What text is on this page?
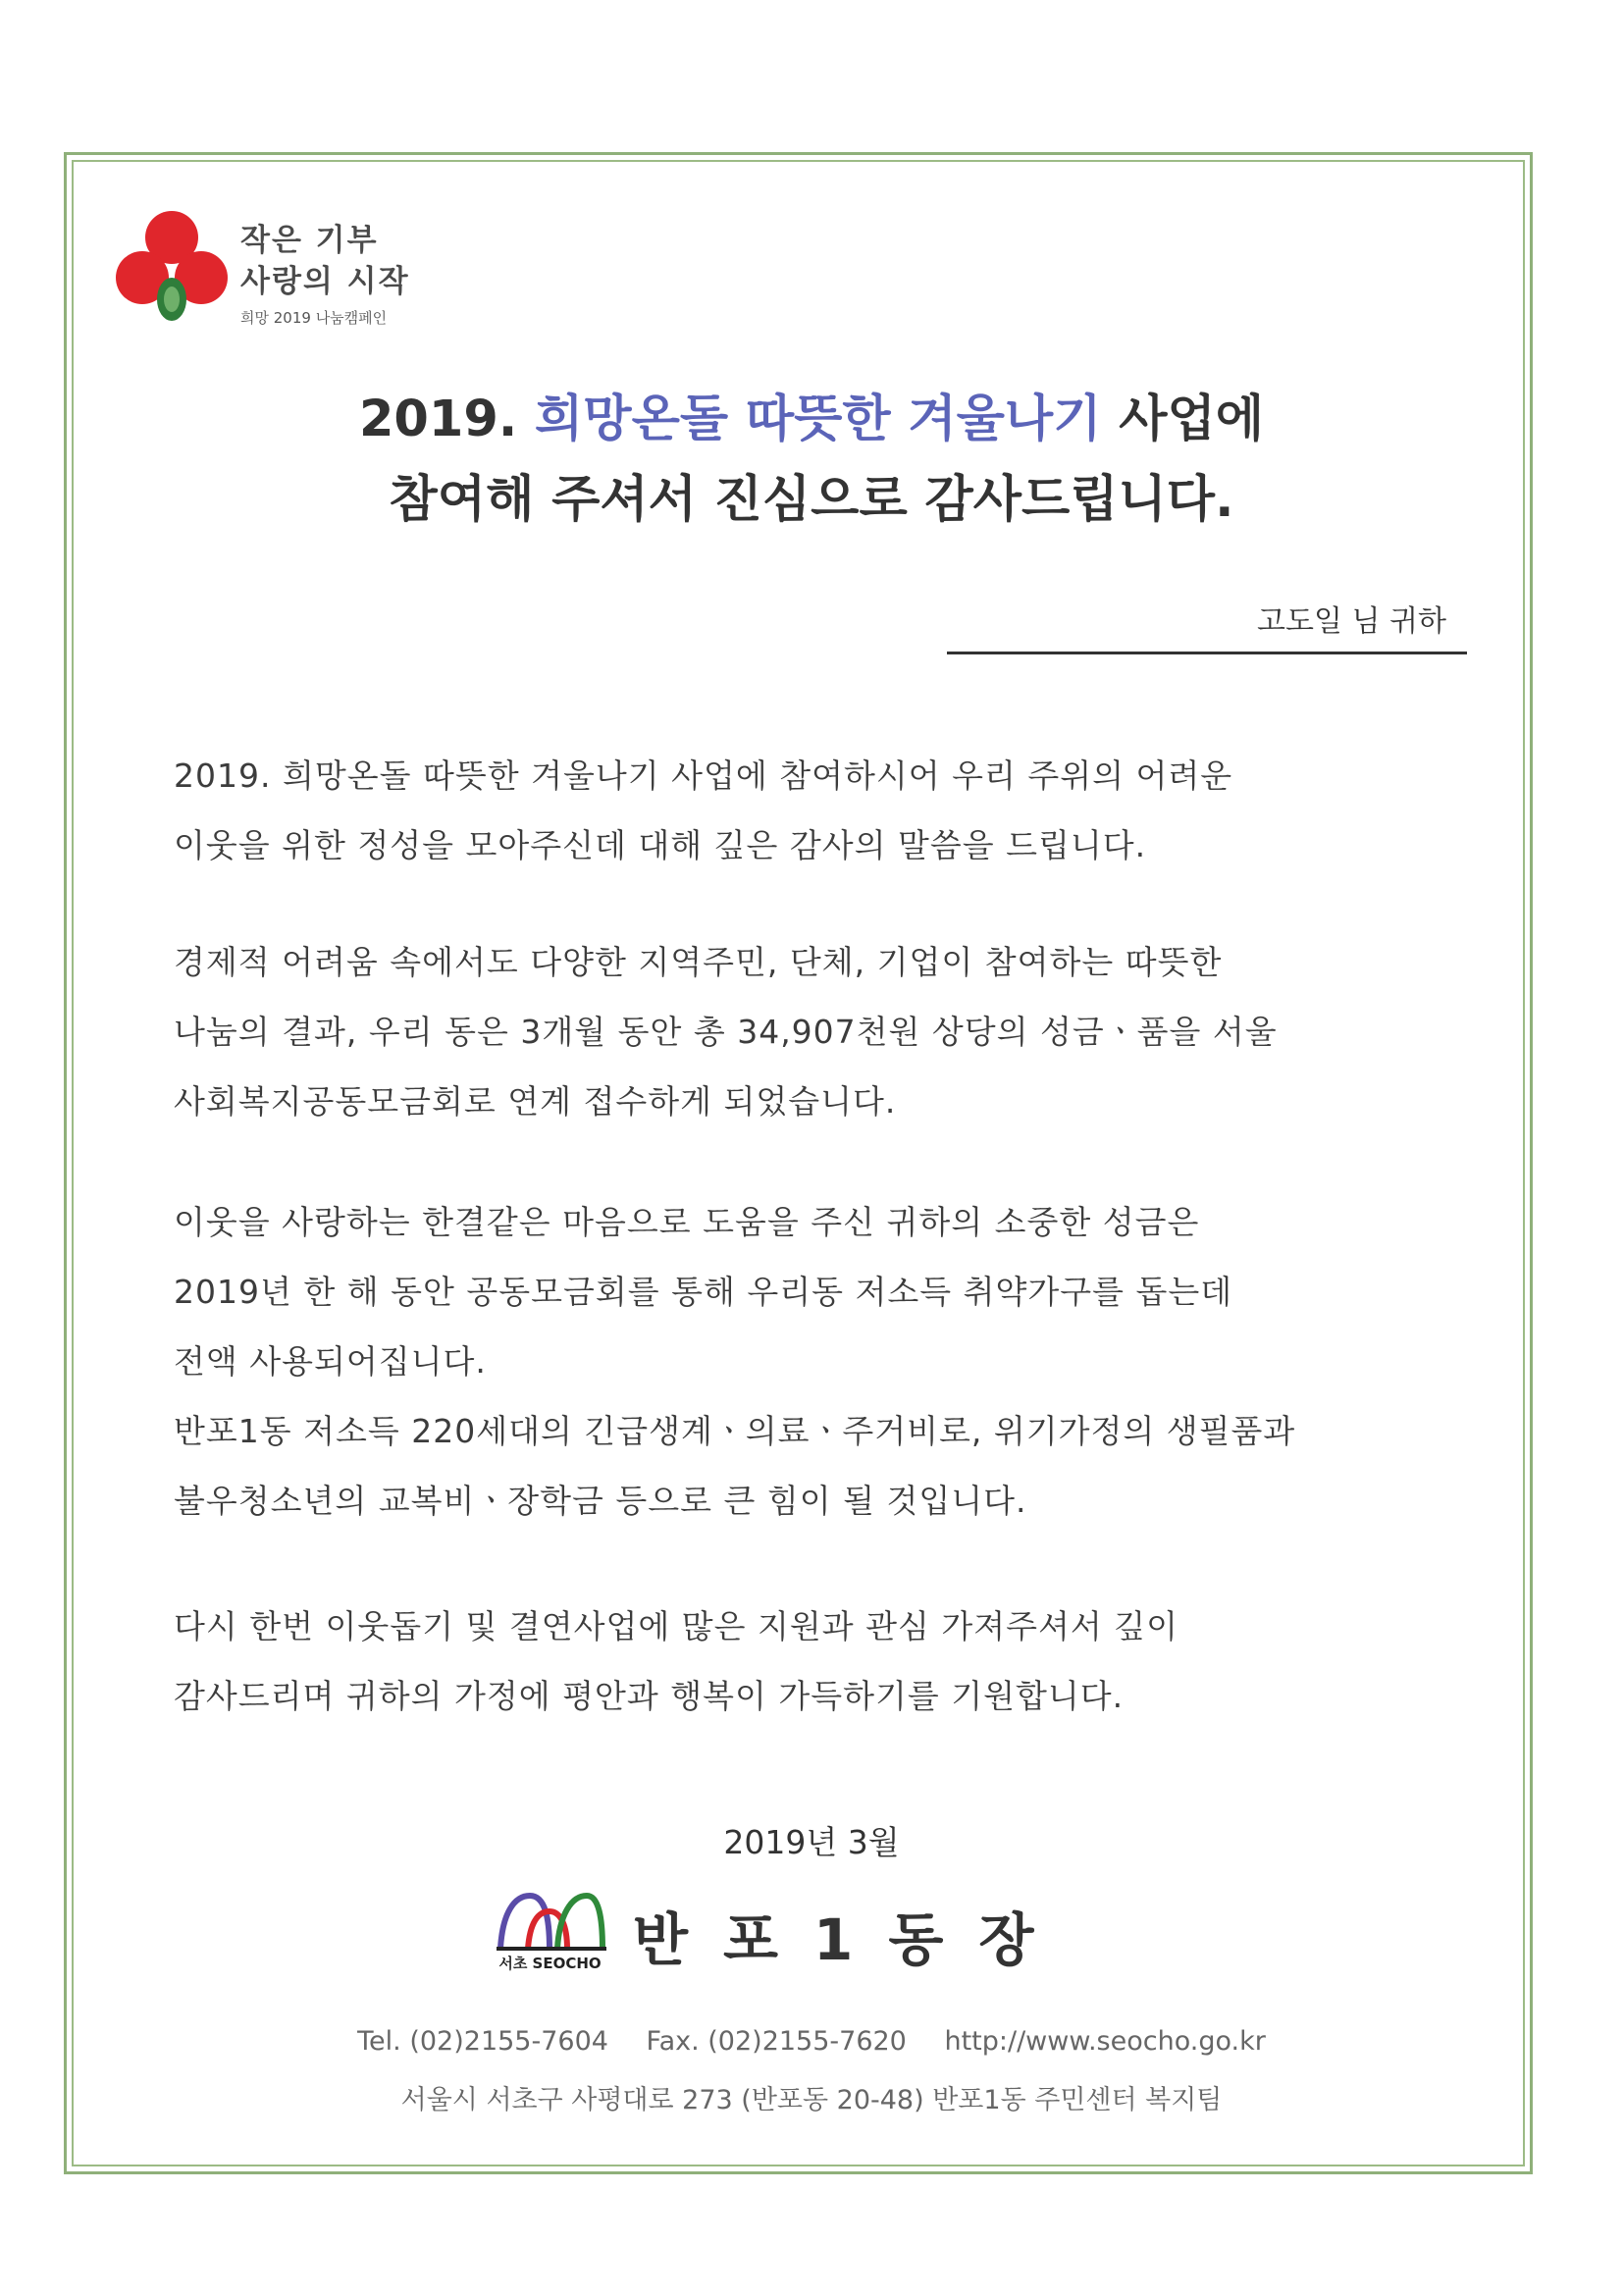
작은 기부
사랑의 시작
희망 2019 나눔캠페인
2019. 희망온돌 따뜻한 겨울나기 사업에
참여해 주셔서 진심으로 감사드립니다.
고도일 님 귀하
2019. 희망온돌 따뜻한 겨울나기 사업에 참여하시어 우리 주위의 어려운
이웃을 위한 정성을 모아주신데 대해 깊은 감사의 말씀을 드립니다.
경제적 어려움 속에서도 다양한 지역주민, 단체, 기업이 참여하는 따뜻한
나눔의 결과, 우리 동은 3개월 동안 총 34,907천원 상당의 성금ㆍ품을 서울
사회복지공동모금회로 연계 접수하게 되었습니다.
이웃을 사랑하는 한결같은 마음으로 도움을 주신 귀하의 소중한 성금은
2019년 한 해 동안 공동모금회를 통해 우리동 저소득 취약가구를 돕는데
전액 사용되어집니다.
반포1동 저소득 220세대의 긴급생계ㆍ의료ㆍ주거비로, 위기가정의 생필품과
불우청소년의 교복비ㆍ장학금 등으로 큰 힘이 될 것입니다.
다시 한번 이웃돕기 및 결연사업에 많은 지원과 관심 가져주셔서 깊이
감사드리며 귀하의 가정에 평안과 행복이 가득하기를 기원합니다.
2019년 3월
서초 SEOCHO 반포1동장
Tel. (02)2155-7604 Fax. (02)2155-7620 http://www.seocho.go.kr
서울시 서초구 사평대로 273 (반포동 20-48) 반포1동 주민센터 복지팀
